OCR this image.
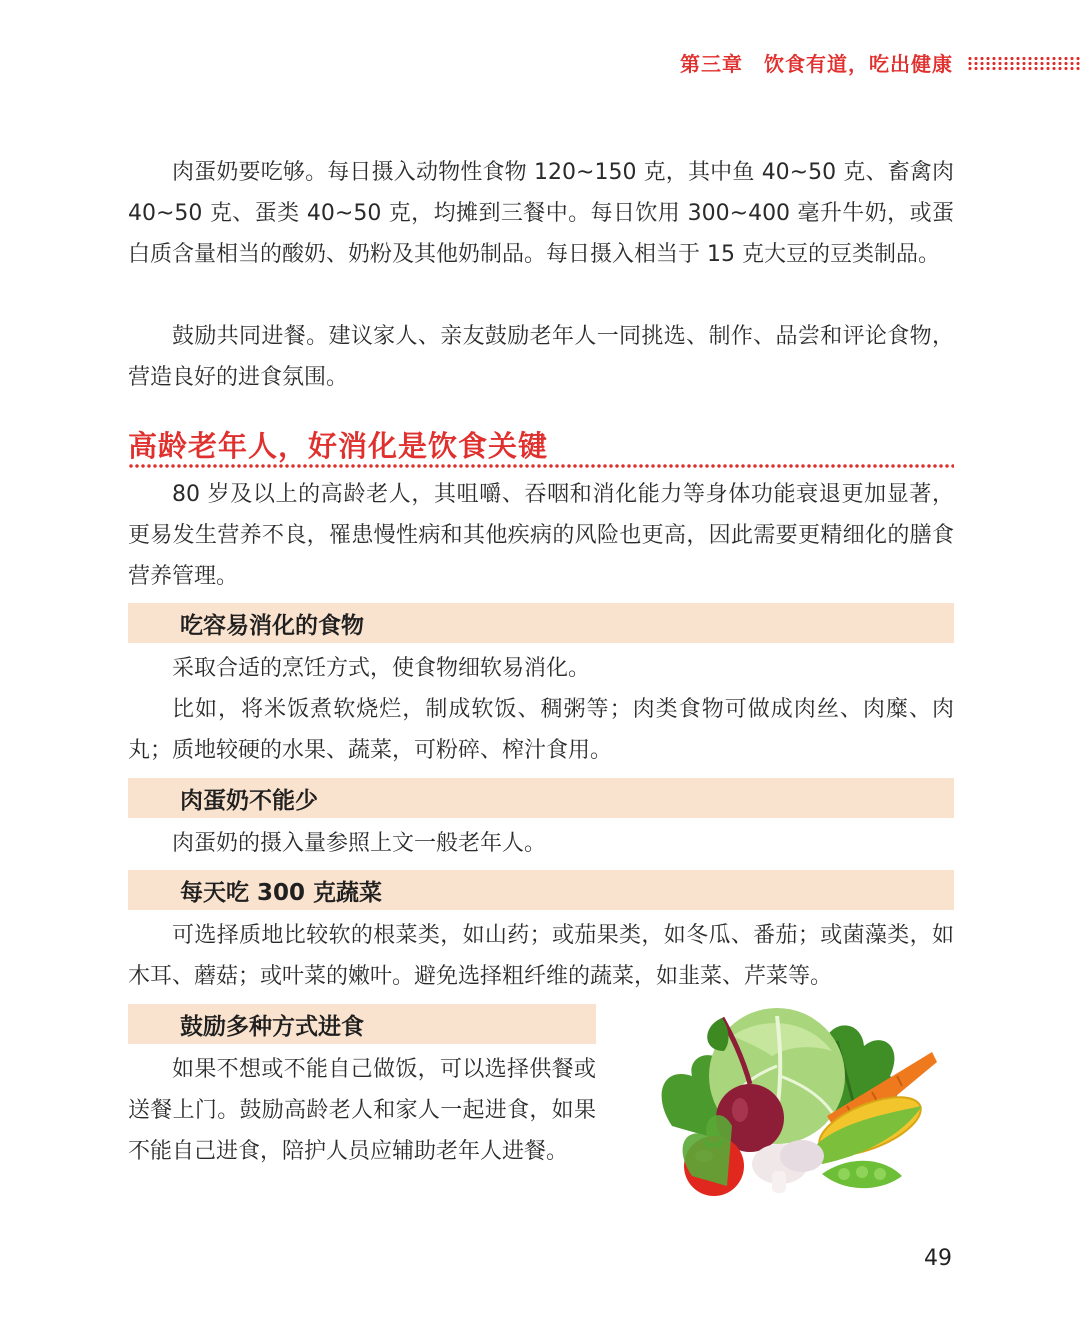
第三章　饮食有道，吃出健康

肉蛋奶要吃够。每日摄入动物性食物 120~150 克，其中鱼 40~50 克、畜禽肉 40~50 克、蛋类 40~50 克，均摊到三餐中。每日饮用 300~400 毫升牛奶，或蛋白质含量相当的酸奶、奶粉及其他奶制品。每日摄入相当于 15 克大豆的豆类制品。

鼓励共同进餐。建议家人、亲友鼓励老年人一同挑选、制作、品尝和评论食物，营造良好的进食氛围。

高龄老年人，好消化是饮食关键

80 岁及以上的高龄老人，其咀嚼、吞咽和消化能力等身体功能衰退更加显著，更易发生营养不良，罹患慢性病和其他疾病的风险也更高，因此需要更精细化的膳食营养管理。

吃容易消化的食物

采取合适的烹饪方式，使食物细软易消化。

比如，将米饭煮软烧烂，制成软饭、稠粥等；肉类食物可做成肉丝、肉糜、肉丸；质地较硬的水果、蔬菜，可粉碎、榨汁食用。

肉蛋奶不能少

肉蛋奶的摄入量参照上文一般老年人。

每天吃 300 克蔬菜

可选择质地比较软的根菜类，如山药；或茄果类，如冬瓜、番茄；或菌藻类，如木耳、蘑菇；或叶菜的嫩叶。避免选择粗纤维的蔬菜，如韭菜、芹菜等。

鼓励多种方式进食

如果不想或不能自己做饭，可以选择供餐或送餐上门。鼓励高龄老人和家人一起进食，如果不能自己进食，陪护人员应辅助老年人进餐。

49
